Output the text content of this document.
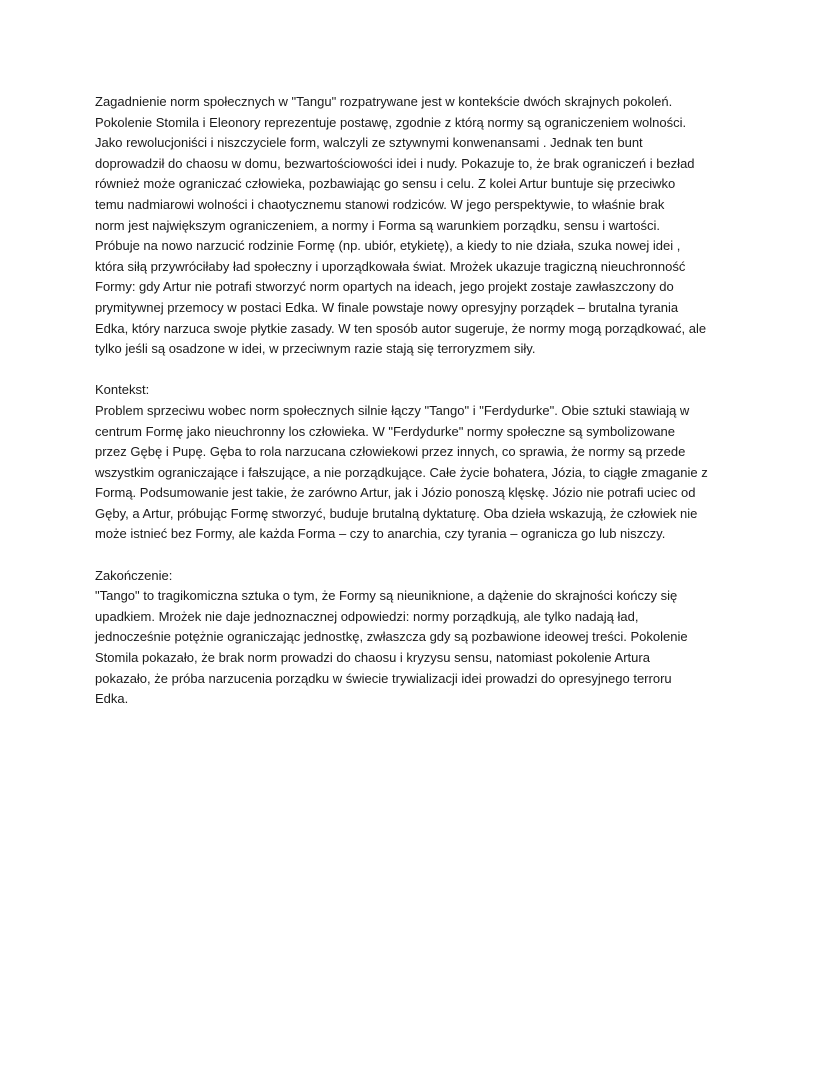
Zagadnienie norm społecznych w "Tangu" rozpatrywane jest w kontekście dwóch skrajnych pokoleń.
Pokolenie Stomila i Eleonory reprezentuje postawę, zgodnie z którą normy są ograniczeniem wolności.
Jako rewolucjoniści i niszczyciele form, walczyli ze sztywnymi konwenansami . Jednak ten bunt
doprowadził do chaosu w domu, bezwartościowości idei i nudy. Pokazuje to, że brak ograniczeń i bezład
również może ograniczać człowieka, pozbawiając go sensu i celu. Z kolei Artur buntuje się przeciwko
temu nadmiarowi wolności i chaotycznemu stanowi rodziców. W jego perspektywie, to właśnie brak
norm jest największym ograniczeniem, a normy i Forma są warunkiem porządku, sensu i wartości.
Próbuje na nowo narzucić rodzinie Formę (np. ubiór, etykietę), a kiedy to nie działa, szuka nowej idei ,
która siłą przywróciłaby ład społeczny i uporządkowała świat. Mrożek ukazuje tragiczną nieuchronność
Formy: gdy Artur nie potrafi stworzyć norm opartych na ideach, jego projekt zostaje zawłaszczony do
prymitywnej przemocy w postaci Edka. W finale powstaje nowy opresyjny porządek – brutalna tyrania
Edka, który narzuca swoje płytkie zasady. W ten sposób autor sugeruje, że normy mogą porządkować, ale
tylko jeśli są osadzone w idei, w przeciwnym razie stają się terroryzmem siły.
Kontekst:
Problem sprzeciwu wobec norm społecznych silnie łączy "Tango" i "Ferdydurke". Obie sztuki stawiają w
centrum Formę jako nieuchronny los człowieka. W "Ferdydurke" normy społeczne są symbolizowane
przez Gębę i Pupę. Gęba to rola narzucana człowiekowi przez innych, co sprawia, że normy są przede
wszystkim ograniczające i fałszujące, a nie porządkujące. Całe życie bohatera, Józia, to ciągłe zmaganie z
Formą. Podsumowanie jest takie, że zarówno Artur, jak i Józio ponoszą klęskę. Józio nie potrafi uciec od
Gęby, a Artur, próbując Formę stworzyć, buduje brutalną dyktaturę. Oba dzieła wskazują, że człowiek nie
może istnieć bez Formy, ale każda Forma – czy to anarchia, czy tyrania – ogranicza go lub niszczy.
Zakończenie:
"Tango" to tragikomiczna sztuka o tym, że Formy są nieuniknione, a dążenie do skrajności kończy się
upadkiem. Mrożek nie daje jednoznacznej odpowiedzi: normy porządkują, ale tylko nadają ład,
jednocześnie potężnie ograniczając jednostkę, zwłaszcza gdy są pozbawione ideowej treści. Pokolenie
Stomila pokazało, że brak norm prowadzi do chaosu i kryzysu sensu, natomiast pokolenie Artura
pokazało, że próba narzucenia porządku w świecie trywializacji idei prowadzi do opresyjnego terroru
Edka.
